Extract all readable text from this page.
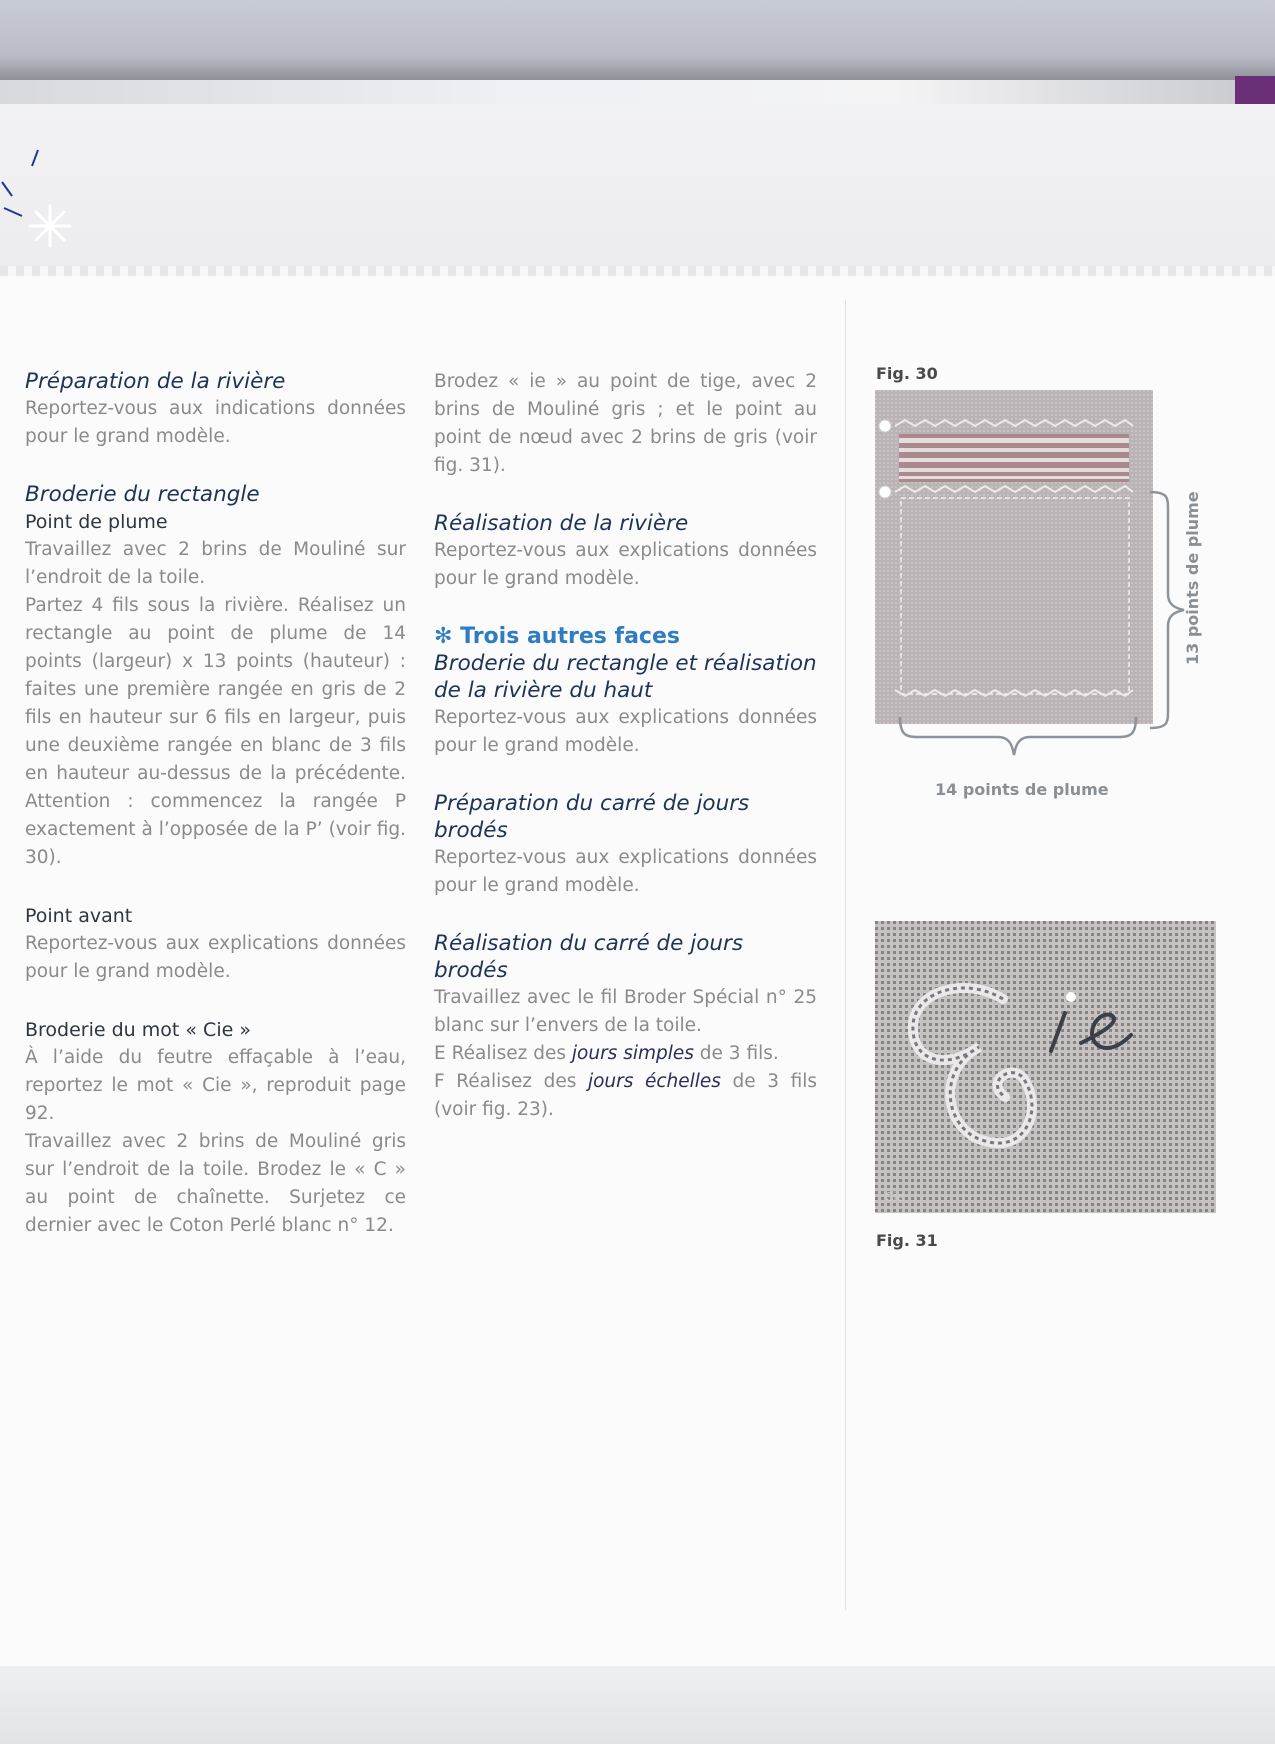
Préparation de la rivière

Reportez-vous aux indications données pour le grand modèle.

Broderie du rectangle
Point de plume

Travaillez avec 2 brins de Mouliné sur l’endroit de la toile.

Partez 4 fils sous la rivière. Réalisez un rectangle au point de plume de 14 points (largeur) x 13 points (hauteur) : faites une première rangée en gris de 2 fils en hauteur sur 6 fils en largeur, puis une deuxième rangée en blanc de 3 fils en hauteur au-dessus de la précédente. Attention : commencez la rangée P exactement à l’opposée de la P’ (voir fig. 30).

Point avant

Reportez-vous aux explications données pour le grand modèle.

Broderie du mot « Cie »

À l’aide du feutre effaçable à l’eau, reportez le mot « Cie », reproduit page 92.

Travaillez avec 2 brins de Mouliné gris sur l’endroit de la toile. Brodez le « C » au point de chaînette. Surjetez ce dernier avec le Coton Perlé blanc n° 12.

Brodez « ie » au point de tige, avec 2 brins de Mouliné gris ; et le point au point de nœud avec 2 brins de gris (voir fig. 31).

Réalisation de la rivière

Reportez-vous aux explications données pour le grand modèle.

✻ Trois autres faces
Broderie du rectangle et réalisation de la rivière du haut

Reportez-vous aux explications données pour le grand modèle.

Préparation du carré de jours brodés

Reportez-vous aux explications données pour le grand modèle.

Réalisation du carré de jours brodés

Travaillez avec le fil Broder Spécial n° 25 blanc sur l’envers de la toile.

E Réalisez des jours simples de 3 fils.

F Réalisez des jours échelles de 3 fils (voir fig. 23).

Fig. 30
13 points de plume
14 points de plume
Cie
Fig. 31
